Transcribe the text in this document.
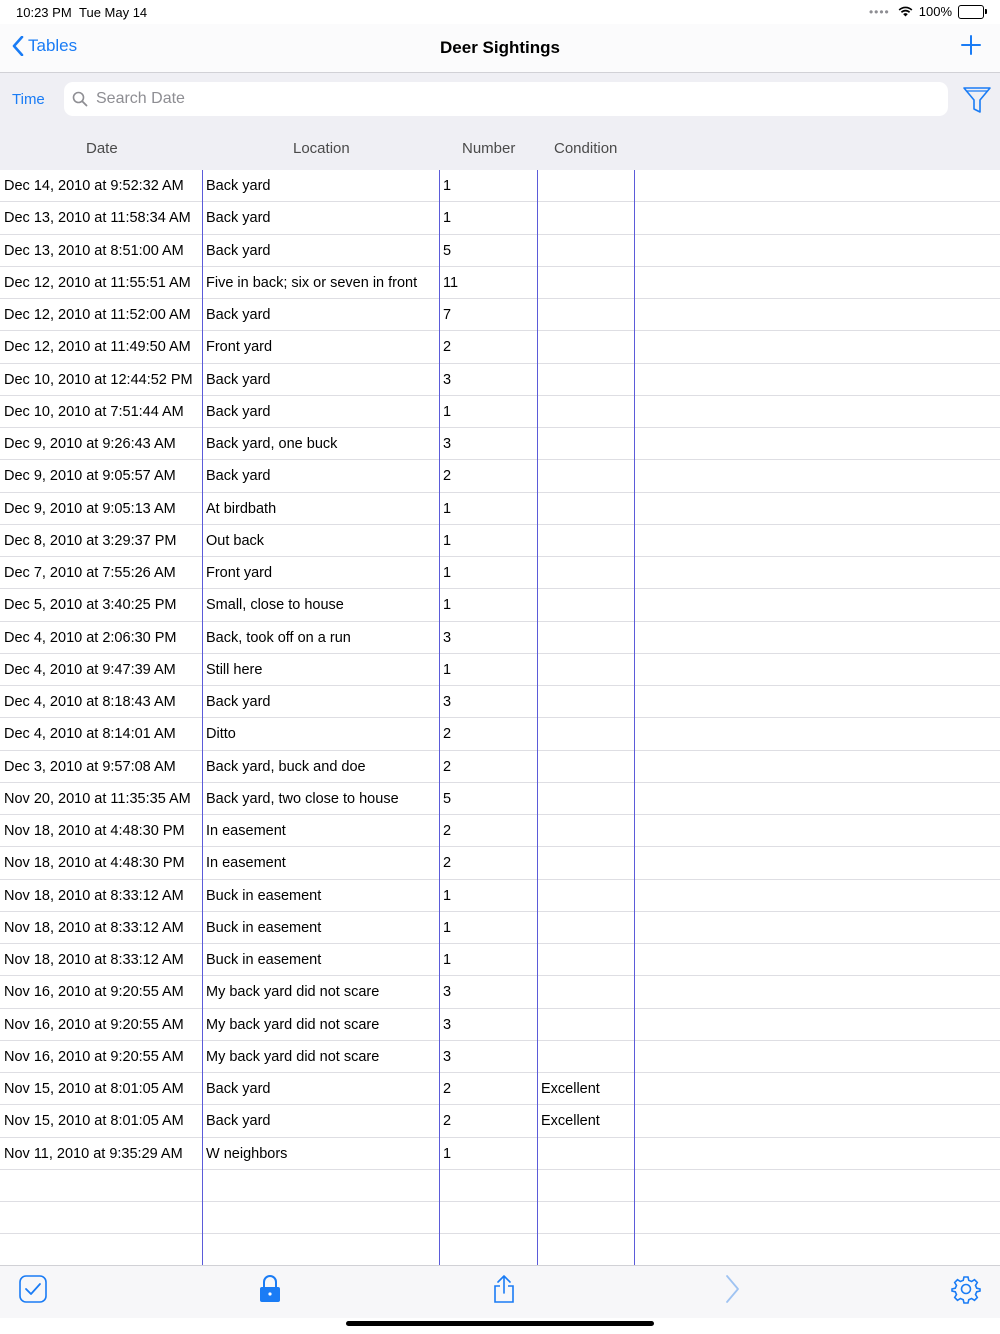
10:23 PM Tue May 14	•••• 100%
Tables	Deer Sightings
Time
Search Date
Date	Location	Number	Condition
Dec 14, 2010 at 9:52:32 AM Back yard	1
Dec 13, 2010 at 11:58:34 AM Back yard	1
Dec 13, 2010 at 8:51:00 AM Back yard	5
Dec 12, 2010 at 11:55:51 AM Five in back; six or seven in front 11
Dec 12, 2010 at 11:52:00 AM Back yard	7
Dec 12, 2010 at 11:49:50 AM Front yard	2
Dec 10, 2010 at 12:44:52 PM Back yard	3
Dec 10, 2010 at 7:51:44 AM Back yard	1
Dec 9, 2010 at 9:26:43 AM Back yard, one buck	3
Dec 9, 2010 at 9:05:57 AM Back yard	2
Dec 9, 2010 at 9:05:13 AM At birdbath	1
Dec 8, 2010 at 3:29:37 PM Out back	1
Dec 7, 2010 at 7:55:26 AM Front yard	1
Dec 5, 2010 at 3:40:25 PM Small, close to house	1
Dec 4, 2010 at 2:06:30 PM Back, took off on a run	3
Dec 4, 2010 at 9:47:39 AM Still here	1
Dec 4, 2010 at 8:18:43 AM Back yard	3
Dec 4, 2010 at 8:14:01 AM Ditto	2
Dec 3, 2010 at 9:57:08 AM Back yard, buck and doe	2
Nov 20, 2010 at 11:35:35 AM Back yard, two close to house	5
Nov 18, 2010 at 4:48:30 PM In easement	2
Nov 18, 2010 at 4:48:30 PM In easement	2
Nov 18, 2010 at 8:33:12 AM Buck in easement	1
Nov 18, 2010 at 8:33:12 AM Buck in easement	1
Nov 18, 2010 at 8:33:12 AM Buck in easement	1
Nov 16, 2010 at 9:20:55 AM My back yard did not scare	3
Nov 16, 2010 at 9:20:55 AM My back yard did not scare	3
Nov 16, 2010 at 9:20:55 AM My back yard did not scare	3
Nov 15, 2010 at 8:01:05 AM Back yard	2	Excellent
Nov 15, 2010 at 8:01:05 AM Back yard	2	Excellent
Nov 11, 2010 at 9:35:29 AM W neighbors	1
